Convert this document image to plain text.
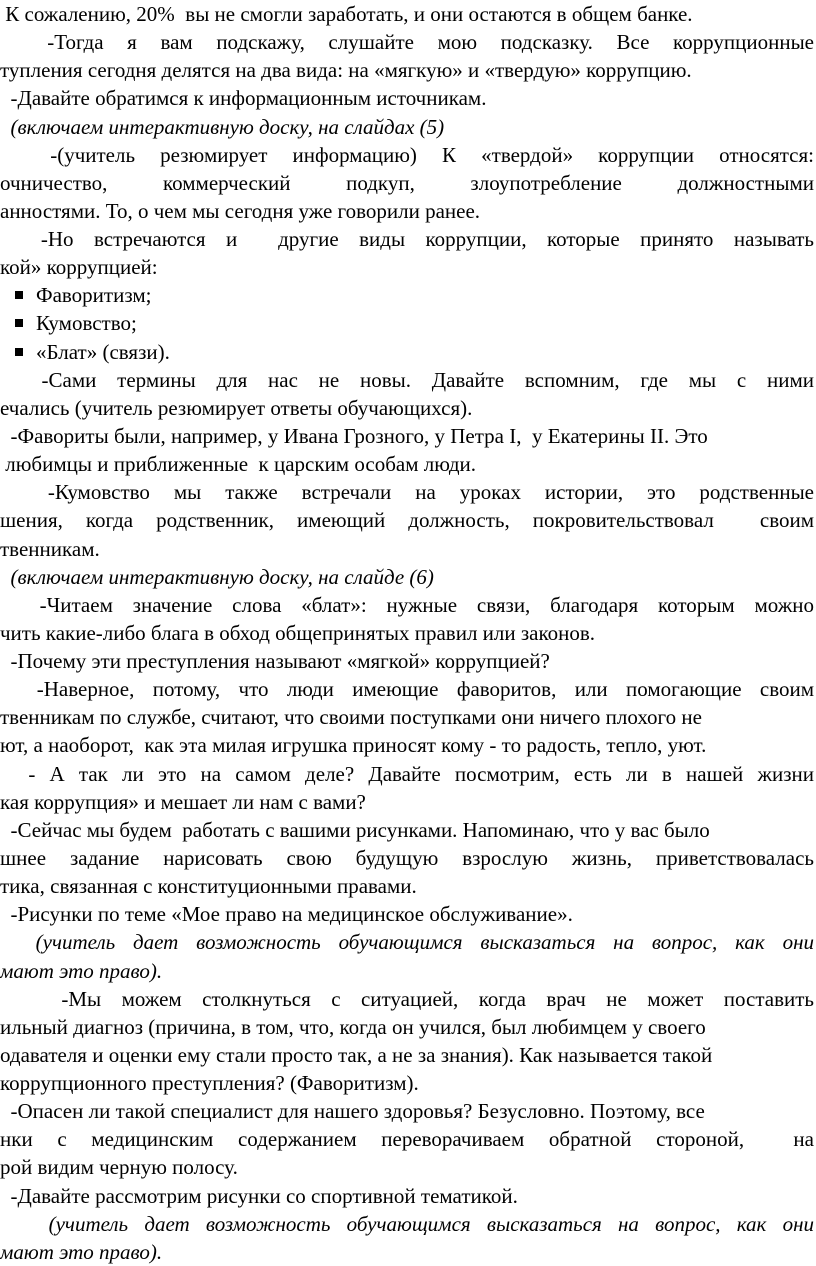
К сожалению, 20%  вы не смогли заработать, и они остаются в общем банке.
-Тогда я вам подскажу, слушайте мою подсказку. Все коррупционные
тупления сегодня делятся на два вида: на «мягкую» и «твердую» коррупцию.
-Давайте обратимся к информационным источникам.
(включаем интерактивную доску, на слайдах (5)
-(учитель резюмирует информацию) К «твердой» коррупции относятся:
очничество, коммерческий подкуп, злоупотребление должностными
анностями. То, о чем мы сегодня уже говорили ранее.
-Но встречаются и  другие виды коррупции, которые принято называть
кой» коррупцией:

Фаворитизм;

Кумовство;

«Блат» (связи).

-Сами термины для нас не новы. Давайте вспомним, где мы с ними
ечались (учитель резюмирует ответы обучающихся).
-Фавориты были, например, у Ивана Грозного, у Петра I,  у Екатерины II. Это
любимцы и приближенные  к царским особам люди.
-Кумовство мы также встречали на уроках истории, это родственные
шения, когда родственник, имеющий должность, покровительствовал  своим
твенникам.
(включаем интерактивную доску, на слайде (6)
-Читаем значение слова «блат»: нужные связи, благодаря которым можно
чить какие-либо блага в обход общепринятых правил или законов.
-Почему эти преступления называют «мягкой» коррупцией?
-Наверное, потому, что люди имеющие фаворитов, или помогающие своим
твенникам по службе, считают, что своими поступками они ничего плохого не
ют, а наоборот,  как эта милая игрушка приносят кому - то радость, тепло, уют.
- А так ли это на самом деле? Давайте посмотрим, есть ли в нашей жизни
кая коррупция» и мешает ли нам с вами?
-Сейчас мы будем  работать с вашими рисунками. Напоминаю, что у вас было
шнее задание нарисовать свою будущую взрослую жизнь, приветствовалась
тика, связанная с конституционными правами.
-Рисунки по теме «Мое право на медицинское обслуживание».
(учитель дает возможность обучающимся высказаться на вопрос, как они
мают это право).
-Мы можем столкнуться с ситуацией, когда врач не может поставить
ильный диагноз (причина, в том, что, когда он учился, был любимцем у своего
одавателя и оценки ему стали просто так, а не за знания). Как называется такой
коррупционного преступления? (Фаворитизм).
-Опасен ли такой специалист для нашего здоровья? Безусловно. Поэтому, все
нки с медицинским содержанием переворачиваем обратной стороной,  на
рой видим черную полосу.
-Давайте рассмотрим рисунки со спортивной тематикой.
(учитель дает возможность обучающимся высказаться на вопрос, как они
мают это право).
